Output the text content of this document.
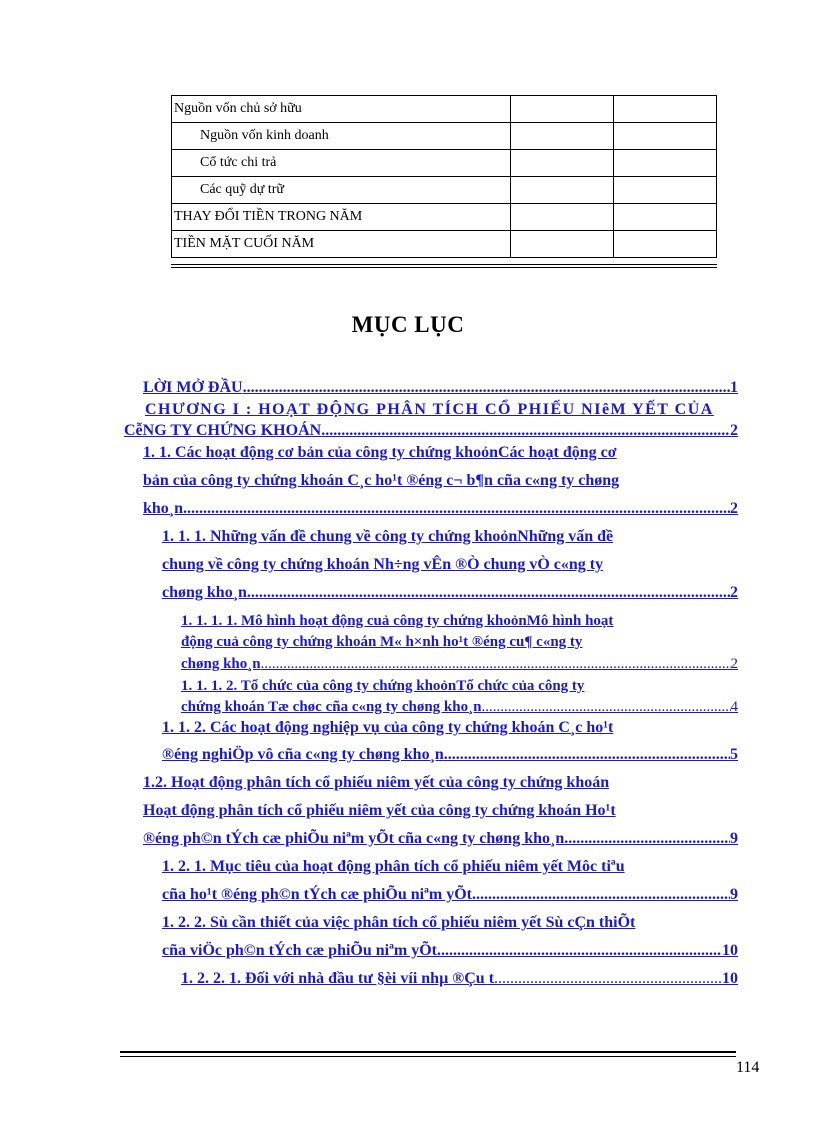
Nguồn vốn chủ sở hữu		
Nguồn vốn kinh doanh		
Cổ tức chi trả		
Các quỹ dự trữ		
THAY ĐỔI TIỀN TRONG NĂM		
TIỀN MẶT CUỐI NĂM		
MỤC LỤC
LỜI MỞ ĐẦU .....	1
CHƯƠNG I : HOẠT ĐỘNG PHÂN TÍCH CỔ PHIẾU NIêM YẾT CỦA
CễNG TY CHỨNG KHOÁN .....	2
1. 1. Các hoạt động cơ bản của công ty chứng khoỏnCác hoạt động cơ
bản của công ty chứng khoán C¸c ho¹t ®éng c¬ b¶n cña c«ng ty chøng
kho¸n .....	2
1. 1. 1. Những vấn đề chung về công ty chứng khoỏnNhững vấn đề
chung về công ty chứng khoán Nh÷ng vÊn ®Ò chung vÒ c«ng ty
chøng kho¸n .....	2
1. 1. 1. 1. Mô hình hoạt động cuả công ty chứng khoỏnMô hình hoạt
động cuả công ty chứng khoán M« h×nh ho¹t ®éng cu¶ c«ng ty
chøng kho¸n .....	2
1. 1. 1. 2. Tổ chức của công ty chứng khoỏnTổ chức của công ty
chứng khoán Tæ chøc cña c«ng ty chøng kho¸n .....	4
1. 1. 2. Các hoạt động nghiệp vụ của công ty chứng khoán C¸c ho¹t
®éng nghiÖp vô cña c«ng ty chøng kho¸n .....	5
1.2. Hoạt động phân tích cổ phiếu niêm yết của công ty chứng khoán
Hoạt động phân tích cổ phiếu niêm yết của công ty chứng khoán Ho¹t
®éng ph©n tÝch cæ phiÕu niªm yÕt cña c«ng ty chøng kho¸n .....	9
1. 2. 1. Mục tiêu của hoạt động phân tích cổ phiếu niêm yết Môc tiªu
cña ho¹t ®éng ph©n tÝch cæ phiÕu niªm yÕt .....	9
1. 2. 2. Sù cần thiết của việc phân tích cổ phiếu niêm yết Sù cÇn thiÕt
cña viÖc ph©n tÝch cæ phiÕu niªm yÕt .....	10
1. 2. 2. 1. Đối với nhà đầu tư §èi víi nhµ ®Çu t .....	10
114
